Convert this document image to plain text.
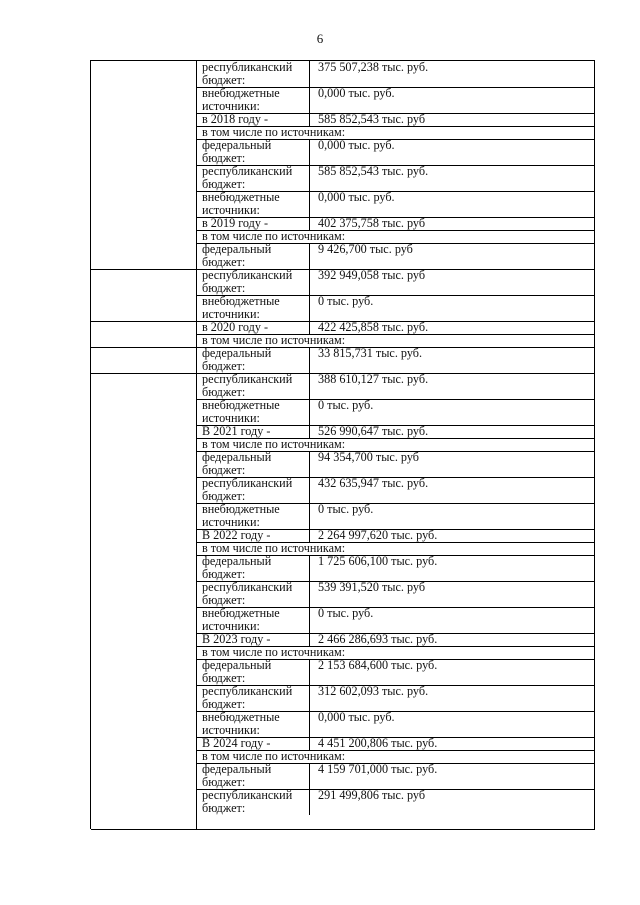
6
республиканский бюджет:
375 507,238 тыс. руб.
внебюджетные источники:
0,000 тыс. руб.
в 2018 году -	585 852,543 тыс. руб
в том числе по источникам:
федеральный бюджет:
0,000 тыс. руб.
республиканский бюджет:
585 852,543 тыс. руб.
внебюджетные источники:
0,000 тыс. руб.
в 2019 году -	402 375,758 тыс. руб
в том числе по источникам:
федеральный бюджет:
9 426,700 тыс. руб
республиканский бюджет:
392 949,058 тыс. руб
внебюджетные источники:
0 тыс. руб.
в 2020 году -	422 425,858 тыс. руб.
в том числе по источникам:
федеральный бюджет:
33 815,731 тыс. руб.
республиканский бюджет:
388 610,127 тыс. руб.
внебюджетные источники:
0 тыс. руб.
В 2021 году -	526 990,647 тыс. руб.
в том числе по источникам:
федеральный бюджет:
94 354,700 тыс. руб
республиканский бюджет:
432 635,947 тыс. руб.
внебюджетные источники:
0 тыс. руб.
В 2022 году -	2 264 997,620 тыс. руб.
в том числе по источникам:
федеральный бюджет:
1 725 606,100 тыс. руб.
республиканский бюджет:
539 391,520 тыс. руб
внебюджетные источники:
0 тыс. руб.
В 2023 году -	2 466 286,693 тыс. руб.
в том числе по источникам:
федеральный бюджет:
2 153 684,600 тыс. руб.
республиканский бюджет:
312 602,093 тыс. руб.
внебюджетные источники:
0,000 тыс. руб.
В 2024 году -	4 451 200,806 тыс. руб.
в том числе по источникам:
федеральный бюджет:
4 159 701,000 тыс. руб.
республиканский бюджет:
291 499,806 тыс. руб
